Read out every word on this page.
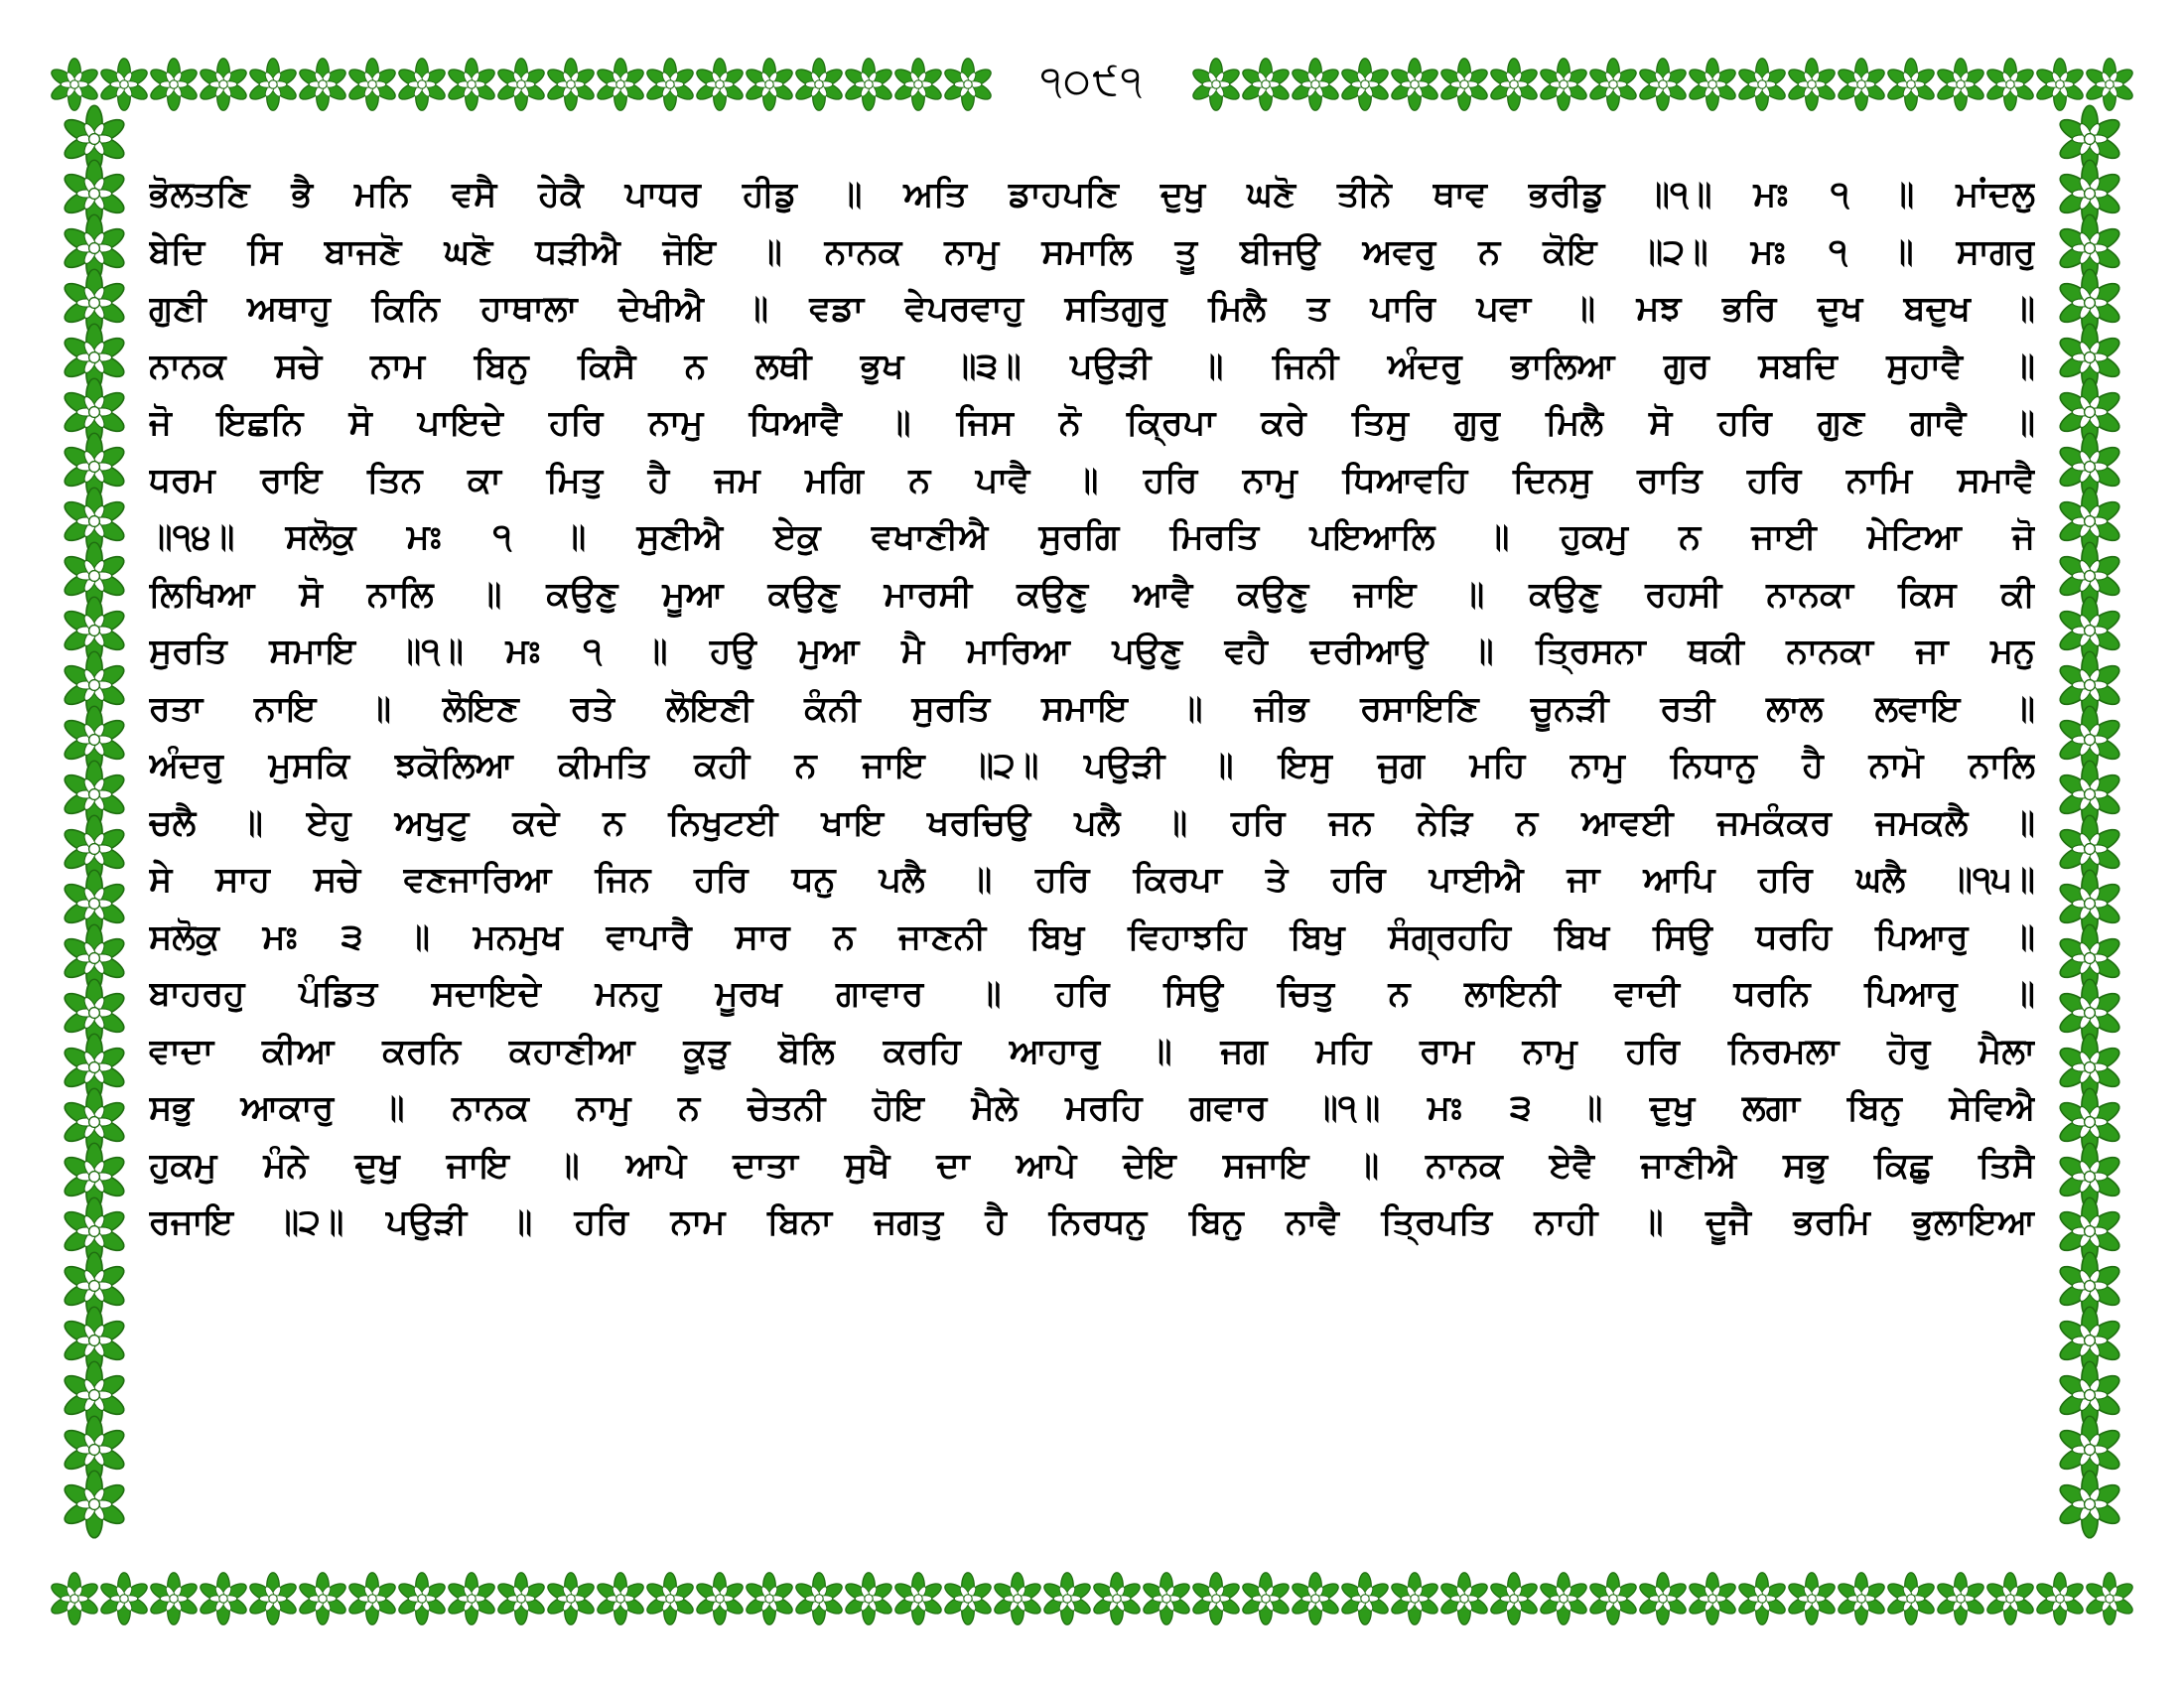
੧੦੯੧
ਭੋਲਤਣਿ ਭੈ ਮਨਿ ਵਸੈ ਹੇਕੈ ਪਾਧਰ ਹੀਡੁ ॥ ਅਤਿ ਡਾਹਪਣਿ ਦੁਖੁ ਘਣੋ ਤੀਨੇ ਥਾਵ ਭਰੀਡੁ ॥੧॥ ਮਃ ੧ ॥ ਮਾਂਦਲੁ
ਬੇਦਿ ਸਿ ਬਾਜਣੋ ਘਣੋ ਧੜੀਐ ਜੋਇ ॥ ਨਾਨਕ ਨਾਮੁ ਸਮਾਲਿ ਤੂ ਬੀਜਉ ਅਵਰੁ ਨ ਕੋਇ ॥੨॥ ਮਃ ੧ ॥ ਸਾਗਰੁ
ਗੁਣੀ ਅਥਾਹੁ ਕਿਨਿ ਹਾਥਾਲਾ ਦੇਖੀਐ ॥ ਵਡਾ ਵੇਪਰਵਾਹੁ ਸਤਿਗੁਰੁ ਮਿਲੈ ਤ ਪਾਰਿ ਪਵਾ ॥ ਮਝ ਭਰਿ ਦੁਖ ਬਦੁਖ ॥
ਨਾਨਕ ਸਚੇ ਨਾਮ ਬਿਨੁ ਕਿਸੈ ਨ ਲਥੀ ਭੁਖ ॥੩॥ ਪਉੜੀ ॥ ਜਿਨੀ ਅੰਦਰੁ ਭਾਲਿਆ ਗੁਰ ਸਬਦਿ ਸੁਹਾਵੈ ॥
ਜੋ ਇਛਨਿ ਸੋ ਪਾਇਦੇ ਹਰਿ ਨਾਮੁ ਧਿਆਵੈ ॥ ਜਿਸ ਨੋ ਕ੍ਰਿਪਾ ਕਰੇ ਤਿਸੁ ਗੁਰੁ ਮਿਲੈ ਸੋ ਹਰਿ ਗੁਣ ਗਾਵੈ ॥
ਧਰਮ ਰਾਇ ਤਿਨ ਕਾ ਮਿਤੁ ਹੈ ਜਮ ਮਗਿ ਨ ਪਾਵੈ ॥ ਹਰਿ ਨਾਮੁ ਧਿਆਵਹਿ ਦਿਨਸੁ ਰਾਤਿ ਹਰਿ ਨਾਮਿ ਸਮਾਵੈ
॥੧੪॥ ਸਲੋਕੁ ਮਃ ੧ ॥ ਸੁਣੀਐ ਏਕੁ ਵਖਾਣੀਐ ਸੁਰਗਿ ਮਿਰਤਿ ਪਇਆਲਿ ॥ ਹੁਕਮੁ ਨ ਜਾਈ ਮੇਟਿਆ ਜੋ
ਲਿਖਿਆ ਸੋ ਨਾਲਿ ॥ ਕਉਣੁ ਮੂਆ ਕਉਣੁ ਮਾਰਸੀ ਕਉਣੁ ਆਵੈ ਕਉਣੁ ਜਾਇ ॥ ਕਉਣੁ ਰਹਸੀ ਨਾਨਕਾ ਕਿਸ ਕੀ
ਸੁਰਤਿ ਸਮਾਇ ॥੧॥ ਮਃ ੧ ॥ ਹਉ ਮੁਆ ਮੈ ਮਾਰਿਆ ਪਉਣੁ ਵਹੈ ਦਰੀਆਉ ॥ ਤ੍ਰਿਸਨਾ ਥਕੀ ਨਾਨਕਾ ਜਾ ਮਨੁ
ਰਤਾ ਨਾਇ ॥ ਲੋਇਣ ਰਤੇ ਲੋਇਣੀ ਕੰਨੀ ਸੁਰਤਿ ਸਮਾਇ ॥ ਜੀਭ ਰਸਾਇਣਿ ਚੂਨੜੀ ਰਤੀ ਲਾਲ ਲਵਾਇ ॥
ਅੰਦਰੁ ਮੁਸਕਿ ਝਕੋਲਿਆ ਕੀਮਤਿ ਕਹੀ ਨ ਜਾਇ ॥੨॥ ਪਉੜੀ ॥ ਇਸੁ ਜੁਗ ਮਹਿ ਨਾਮੁ ਨਿਧਾਨੁ ਹੈ ਨਾਮੋ ਨਾਲਿ
ਚਲੈ ॥ ਏਹੁ ਅਖੁਟੁ ਕਦੇ ਨ ਨਿਖੁਟਈ ਖਾਇ ਖਰਚਿਉ ਪਲੈ ॥ ਹਰਿ ਜਨ ਨੇੜਿ ਨ ਆਵਈ ਜਮਕੰਕਰ ਜਮਕਲੈ ॥
ਸੇ ਸਾਹ ਸਚੇ ਵਣਜਾਰਿਆ ਜਿਨ ਹਰਿ ਧਨੁ ਪਲੈ ॥ ਹਰਿ ਕਿਰਪਾ ਤੇ ਹਰਿ ਪਾਈਐ ਜਾ ਆਪਿ ਹਰਿ ਘਲੈ ॥੧੫॥
ਸਲੋਕੁ ਮਃ ੩ ॥ ਮਨਮੁਖ ਵਾਪਾਰੈ ਸਾਰ ਨ ਜਾਣਨੀ ਬਿਖੁ ਵਿਹਾਝਹਿ ਬਿਖੁ ਸੰਗ੍ਰਹਹਿ ਬਿਖ ਸਿਉ ਧਰਹਿ ਪਿਆਰੁ ॥
ਬਾਹਰਹੁ ਪੰਡਿਤ ਸਦਾਇਦੇ ਮਨਹੁ ਮੂਰਖ ਗਾਵਾਰ ॥ ਹਰਿ ਸਿਉ ਚਿਤੁ ਨ ਲਾਇਨੀ ਵਾਦੀ ਧਰਨਿ ਪਿਆਰੁ ॥
ਵਾਦਾ ਕੀਆ ਕਰਨਿ ਕਹਾਣੀਆ ਕੂੜੁ ਬੋਲਿ ਕਰਹਿ ਆਹਾਰੁ ॥ ਜਗ ਮਹਿ ਰਾਮ ਨਾਮੁ ਹਰਿ ਨਿਰਮਲਾ ਹੋਰੁ ਮੈਲਾ
ਸਭੁ ਆਕਾਰੁ ॥ ਨਾਨਕ ਨਾਮੁ ਨ ਚੇਤਨੀ ਹੋਇ ਮੈਲੇ ਮਰਹਿ ਗਵਾਰ ॥੧॥ ਮਃ ੩ ॥ ਦੁਖੁ ਲਗਾ ਬਿਨੁ ਸੇਵਿਐ
ਹੁਕਮੁ ਮੰਨੇ ਦੁਖੁ ਜਾਇ ॥ ਆਪੇ ਦਾਤਾ ਸੁਖੈ ਦਾ ਆਪੇ ਦੇਇ ਸਜਾਇ ॥ ਨਾਨਕ ਏਵੈ ਜਾਣੀਐ ਸਭੁ ਕਿਛੁ ਤਿਸੈ
ਰਜਾਇ ॥੨॥ ਪਉੜੀ ॥ ਹਰਿ ਨਾਮ ਬਿਨਾ ਜਗਤੁ ਹੈ ਨਿਰਧਨੁ ਬਿਨੁ ਨਾਵੈ ਤ੍ਰਿਪਤਿ ਨਾਹੀ ॥ ਦੂਜੈ ਭਰਮਿ ਭੁਲਾਇਆ
